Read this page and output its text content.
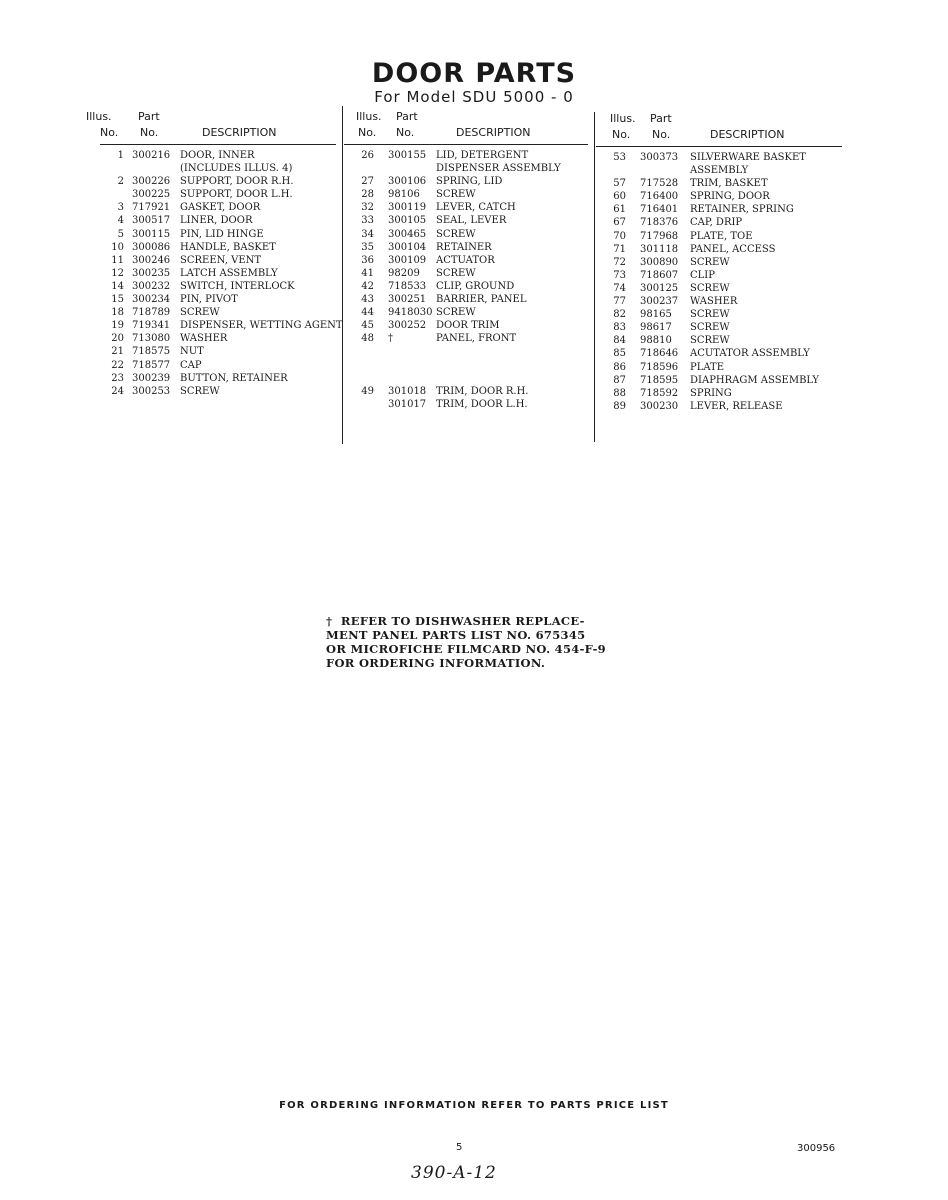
DOOR PARTS
For Model SDU 5000 - 0
Illus. Part
No. No.	DESCRIPTION
1 300216 DOOR, INNER
(INCLUDES ILLUS. 4)
2 300226 SUPPORT, DOOR R.H.
300225 SUPPORT, DOOR L.H.
3 717921 GASKET, DOOR
4 300517 LINER, DOOR
5 300115 PIN, LID HINGE
10 300086 HANDLE, BASKET
11 300246 SCREEN, VENT
12 300235 LATCH ASSEMBLY
14 300232 SWITCH, INTERLOCK
15 300234 PIN, PIVOT
18 718789 SCREW
19 719341 DISPENSER, WETTING AGENT
20 713080 WASHER
21 718575 NUT
22 718577 CAP
23 300239 BUTTON, RETAINER
24 300253 SCREW
Illus. Part
No. No.	DESCRIPTION
26 300155 LID, DETERGENT
DISPENSER ASSEMBLY
27 300106 SPRING, LID
28 98106 SCREW
32 300119 LEVER, CATCH
33 300105 SEAL, LEVER
34 300465 SCREW
35 300104 RETAINER
36 300109 ACTUATOR
41 98209 SCREW
42 718533 CLIP, GROUND
43 300251 BARRIER, PANEL
44 9418030 SCREW
45 300252 DOOR TRIM
48 †	PANEL, FRONT
49 301018 TRIM, DOOR R.H.
301017 TRIM, DOOR L.H.
Illus. Part
No. No.	DESCRIPTION
53 300373 SILVERWARE BASKET
ASSEMBLY
57 717528 TRIM, BASKET
60 716400 SPRING, DOOR
61 716401 RETAINER, SPRING
67 718376 CAP, DRIP
70 717968 PLATE, TOE
71 301118 PANEL, ACCESS
72 300890 SCREW
73 718607 CLIP
74 300125 SCREW
77 300237 WASHER
82 98165 SCREW
83 98617 SCREW
84 98810 SCREW
85 718646 ACUTATOR ASSEMBLY
86 718596 PLATE
87 718595 DIAPHRAGM ASSEMBLY
88 718592 SPRING
89 300230 LEVER, RELEASE
†  REFER TO DISHWASHER REPLACE-
MENT PANEL PARTS LIST NO. 675345
OR MICROFICHE FILMCARD NO. 454-F-9
FOR ORDERING INFORMATION.
FOR ORDERING INFORMATION REFER TO PARTS PRICE LIST
5	300956
390-A-12
